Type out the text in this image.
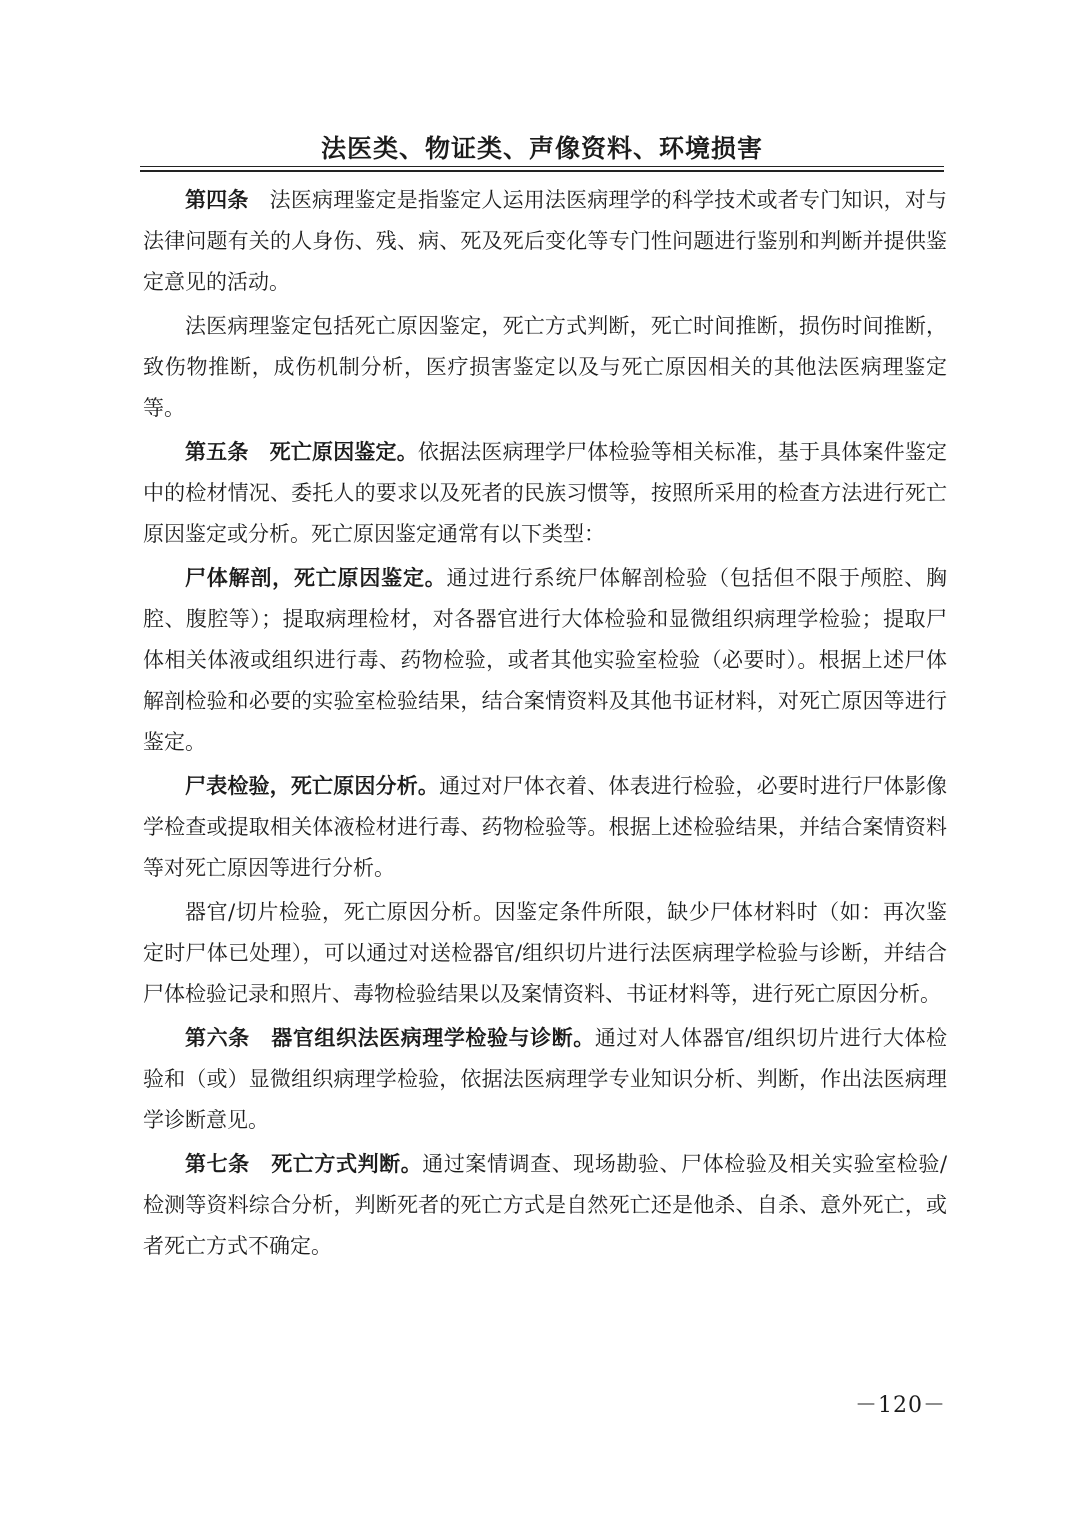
法医类、物证类、声像资料、环境损害

第四条 法医病理鉴定是指鉴定人运用法医病理学的科学技术或者专门知识，对与法律问题有关的人身伤、残、病、死及死后变化等专门性问题进行鉴别和判断并提供鉴定意见的活动。

法医病理鉴定包括死亡原因鉴定，死亡方式判断，死亡时间推断，损伤时间推断，致伤物推断，成伤机制分析，医疗损害鉴定以及与死亡原因相关的其他法医病理鉴定等。

第五条 死亡原因鉴定。依据法医病理学尸体检验等相关标准，基于具体案件鉴定中的检材情况、委托人的要求以及死者的民族习惯等，按照所采用的检查方法进行死亡原因鉴定或分析。死亡原因鉴定通常有以下类型：

尸体解剖，死亡原因鉴定。通过进行系统尸体解剖检验（包括但不限于颅腔、胸腔、腹腔等）；提取病理检材，对各器官进行大体检验和显微组织病理学检验；提取尸体相关体液或组织进行毒、药物检验，或者其他实验室检验（必要时）。根据上述尸体解剖检验和必要的实验室检验结果，结合案情资料及其他书证材料，对死亡原因等进行鉴定。

尸表检验，死亡原因分析。通过对尸体衣着、体表进行检验，必要时进行尸体影像学检查或提取相关体液检材进行毒、药物检验等。根据上述检验结果，并结合案情资料等对死亡原因等进行分析。

器官/切片检验，死亡原因分析。因鉴定条件所限，缺少尸体材料时（如：再次鉴定时尸体已处理），可以通过对送检器官/组织切片进行法医病理学检验与诊断，并结合尸体检验记录和照片、毒物检验结果以及案情资料、书证材料等，进行死亡原因分析。

第六条 器官组织法医病理学检验与诊断。通过对人体器官/组织切片进行大体检验和（或）显微组织病理学检验，依据法医病理学专业知识分析、判断，作出法医病理学诊断意见。

第七条 死亡方式判断。通过案情调查、现场勘验、尸体检验及相关实验室检验/检测等资料综合分析，判断死者的死亡方式是自然死亡还是他杀、自杀、意外死亡，或者死亡方式不确定。

－120－
